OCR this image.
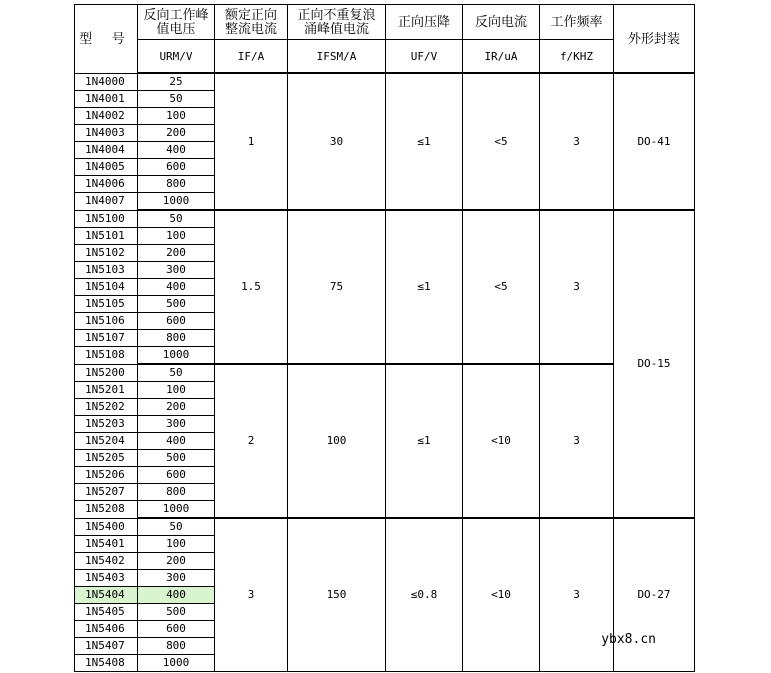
型 号	反向工作峰值电压	额定正向整流电流	正向不重复浪涌峰值电流	正向压降	反向电流	工作频率	外形封装
	URM/V	IF/A	IFSM/A	UF/V	IR/uA	f/KHZ	
1N4000	25	1	30	≤1	<5	3	DO-41
1N4001	50						
1N4002	100						
1N4003	200						
1N4004	400						
1N4005	600						
1N4006	800						
1N4007	1000						
1N5100	50	1.5	75	≤1	<5	3	DO-15
1N5101	100						
1N5102	200						
1N5103	300						
1N5104	400						
1N5105	500						
1N5106	600						
1N5107	800						
1N5108	1000						
1N5200	50	2	100	≤1	<10	3	
1N5201	100						
1N5202	200						
1N5203	300						
1N5204	400						
1N5205	500						
1N5206	600						
1N5207	800						
1N5208	1000						
1N5400	50	3	150	≤0.8	<10	3	DO-27
1N5401	100						
1N5402	200						
1N5403	300						
1N5404	400						
1N5405	500						
1N5406	600						
1N5407	800						
1N5408	1000						
ybx8.cn
